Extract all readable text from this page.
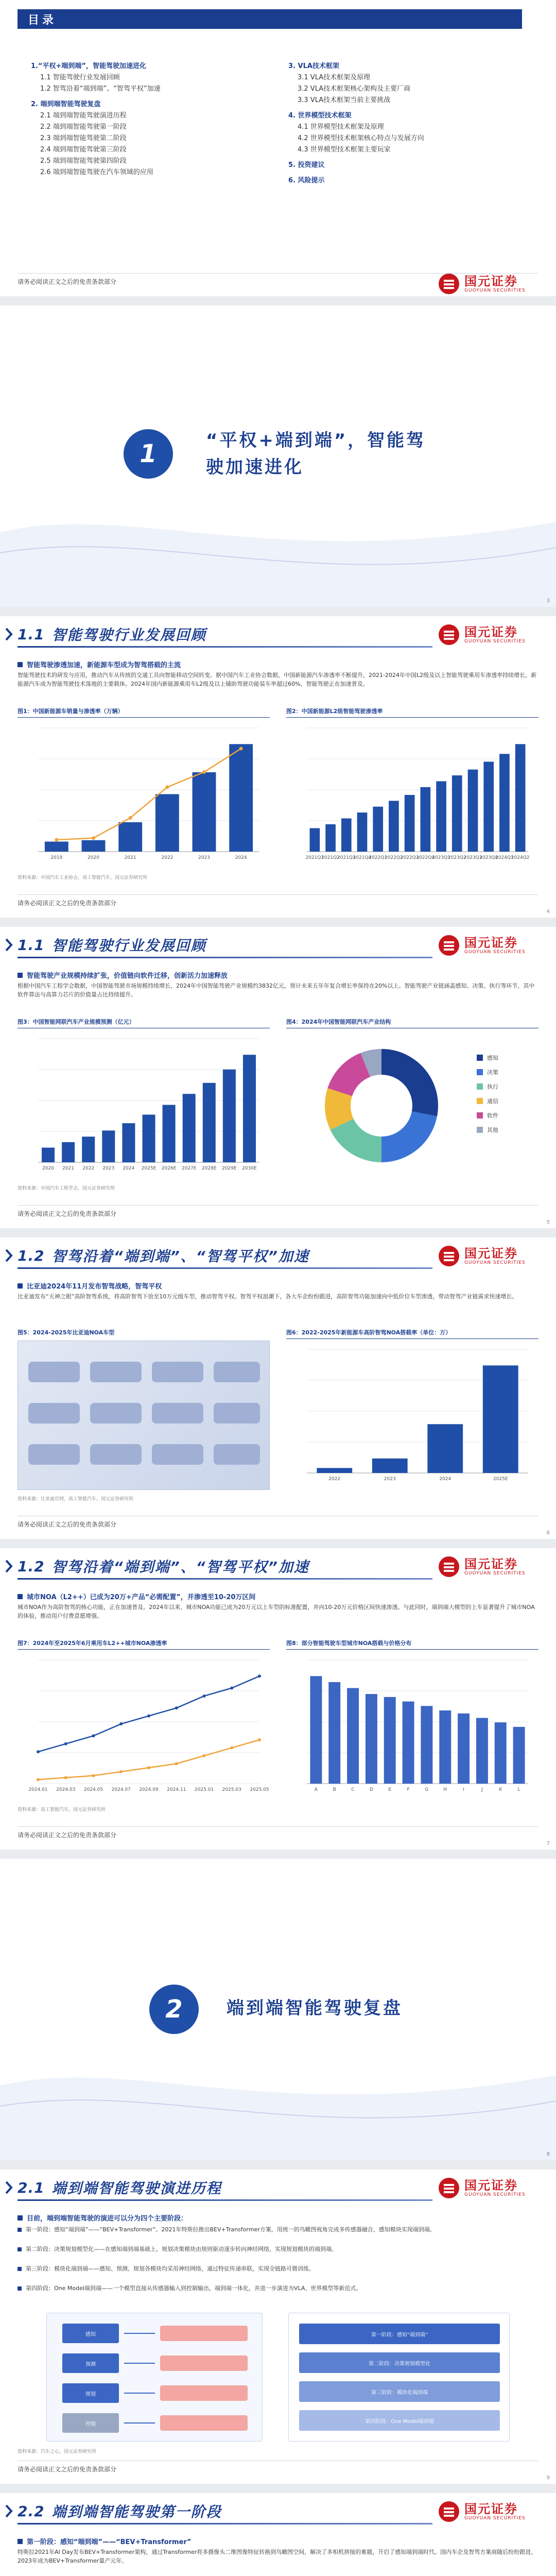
目录
1.“平权+端到端”，智能驾驶加速进化
1.1 智能驾驶行业发展回顾
1.2 智驾沿着“端到端”、“智驾平权”加速
2. 端到端智能驾驶复盘
2.1 端到端智能驾驶演进历程
2.2 端到端智能驾驶第一阶段
2.3 端到端智能驾驶第二阶段
2.4 端到端智能驾驶第三阶段
2.5 端到端智能驾驶第四阶段
2.6 端到端智能驾驶在汽车领域的应用
3. VLA技术框架
3.1 VLA技术框架及原理
3.2 VLA技术框架核心架构及主要厂商
3.3 VLA技术框架当前主要挑战
4. 世界模型技术框架
4.1 世界模型技术框架及原理
4.2 世界模型技术框架核心特点与发展方向
4.3 世界模型技术框架主要玩家
5. 投资建议
6. 风险提示
请务必阅读正文之后的免责条款部分	国元证券
GUOYUAN SECURITIES
1	“平权+端到端”，智能驾
驶加速进化
3
1.1 智能驾驶行业发展回顾	国元证券
GUOYUAN SECURITIES
智能驾驶渗透加速，新能源车型成为智驾搭载的主流
智能驾驶技术的研发与应用，推动汽车从传统的交通工具向智能移动空间转变。据中国汽车工业协会数据，中国新能源汽车渗透率不断提升，2021-2024年中国L2级及以上智能驾驶乘用车渗透率持续增长，新能源汽车成为智能驾驶技术落地的主要载体。2024年国内新能源乘用车L2级及以上辅助驾驶功能装车率超过60%，智能驾驶正在加速普及。
图1：中国新能源车销量与渗透率（万辆）	图2：中国新能源L2级智能驾驶渗透率
2019	2020	2021	2022	2023	2024	2021Q1
2021Q2
2021Q3
2021Q4
2022Q1
2022Q2
2022Q3
2022Q4
2023Q1
2023Q2
2023Q3
2023Q4
2024Q1
2024Q2
资料来源：中国汽车工业协会，高工智能汽车，国元证券研究所
请务必阅读正文之后的免责条款部分
4
1.1 智能驾驶行业发展回顾	国元证券
GUOYUAN SECURITIES
智能驾驶产业规模持续扩张，价值链向软件迁移，创新活力加速释放
根据中国汽车工程学会数据，中国智能驾驶市场规模持续增长，2024年中国智能驾驶产业规模约3832亿元，预计未来五年年复合增长率保持在20%以上。智能驾驶产业链涵盖感知、决策、执行等环节，其中软件算法与高算力芯片的价值量占比持续提升。
图3：中国智能网联汽车产业规模预测（亿元）	图4：2024年中国智能网联汽车产业结构
2020 2021 2022 2023 2024 2025E 2026E 2027E 2028E 2029E 2030E
感知
决策
执行
通信
软件
其他
资料来源：中国汽车工程学会，国元证券研究所
请务必阅读正文之后的免责条款部分
5
1.2 智驾沿着“端到端”、“智驾平权”加速	国元证券
GUOYUAN SECURITIES
比亚迪2024年11月发布智驾战略，智驾平权
比亚迪发布“天神之眼”高阶智驾系统，将高阶智驾下放至10万元级车型，推动智驾平权。智驾平权浪潮下，各大车企纷纷跟进，高阶智驾功能加速向中低价位车型渗透，带动智驾产业链需求快速增长。
图5：2024-2025年比亚迪NOA车型	图6：2022-2025年新能源车高阶智驾NOA搭载率（单位：万）
2022	2023	2024	2025E
资料来源：比亚迪官网，高工智能汽车，国元证券研究所
请务必阅读正文之后的免责条款部分
6
1.2 智驾沿着“端到端”、“智驾平权”加速	国元证券
GUOYUAN SECURITIES
城市NOA（L2++）已成为20万+产品“必需配置”，并渗透至10-20万区间
城市NOA作为高阶智驾的核心功能，正在加速普及。2024年以来，城市NOA功能已成为20万元以上车型的标准配置，并向10-20万元价格区间快速渗透。与此同时，端到端大模型的上车显著提升了城市NOA的体验，推动用户付费意愿增强。
图7：2024年至2025年6月乘用车L2++城市NOA渗透率	图8：部分智能驾驶车型城市NOA搭载与价格分布
2024.01 2024.03 2024.05 2024.07 2024.09 2024.11 2025.01 2025.03 2025.05	A	B	C	D	E	F	G	H	I	J	K	L
资料来源：高工智能汽车，国元证券研究所
请务必阅读正文之后的免责条款部分
7
2	端到端智能驾驶复盘
8
2.1 端到端智能驾驶演进历程	国元证券
GUOYUAN SECURITIES
目前，端到端智能驾驶的演进可以分为四个主要阶段：
第一阶段：感知“端到端”——“BEV+Transformer”。2021年特斯拉推出BEV+Transformer方案，用统一的鸟瞰图视角完成多传感器融合，感知模块实现端到端。
第二阶段：决策规划模型化——在感知端到端基础上，规划决策模块由规则驱动逐步转向神经网络，实现规划模块的端到端。
第三阶段：模块化端到端——感知、预测、规划各模块均采用神经网络，通过特征传递串联，实现全链路可微训练。
第四阶段：One Model端到端——一个模型直接从传感器输入到控制输出，端到端一体化，并进一步演进为VLA、世界模型等新范式。
感知
预测
规划
控制
第一阶段：感知“端到端”
第二阶段：决策规划模型化
第三阶段：模块化端到端
第四阶段：One Model端到端
资料来源：汽车之心，国元证券研究所
请务必阅读正文之后的免责条款部分
9
2.2 端到端智能驾驶第一阶段	国元证券
GUOYUAN SECURITIES
第一阶段：感知“端到端”——“BEV+Transformer”
特斯拉2021年AI Day发布BEV+Transformer架构，通过Transformer将多摄像头二维图像特征转换到鸟瞰图空间，解决了多相机拼接的难题，开启了感知端到端时代。国内车企及智驾方案商随后纷纷跟进，2023年成为BEV+Transformer量产元年。
